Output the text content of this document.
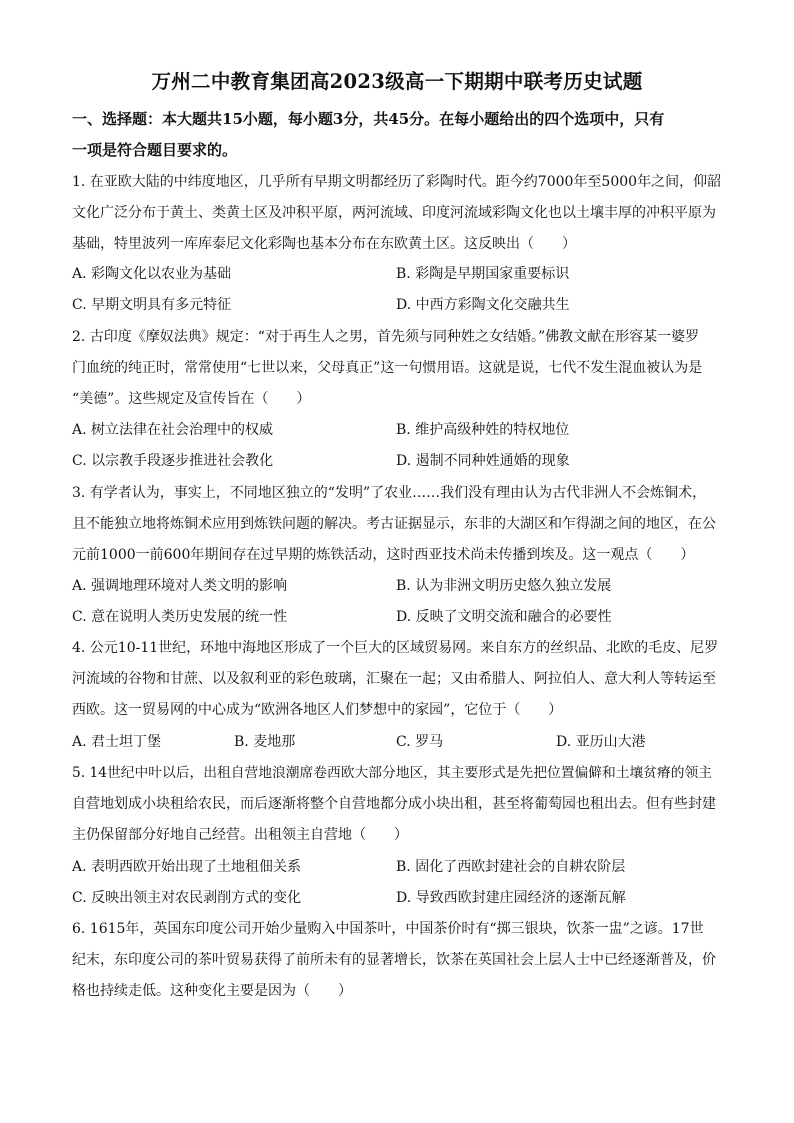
万州二中教育集团高2023级高一下期期中联考历史试题
一、选择题：本大题共15小题，每小题3分，共45分。在每小题给出的四个选项中，只有
一项是符合题目要求的。
1. 在亚欧大陆的中纬度地区，几乎所有早期文明都经历了彩陶时代。距今约7000年至5000年之间，仰韶
文化广泛分布于黄土、类黄土区及冲积平原，两河流域、印度河流域彩陶文化也以土壤丰厚的冲积平原为
基础，特里波列一库库泰尼文化彩陶也基本分布在东欧黄土区。这反映出（　　）
A. 彩陶文化以农业为基础	B. 彩陶是早期国家重要标识
C. 早期文明具有多元特征	D. 中西方彩陶文化交融共生
2. 古印度《摩奴法典》规定：“对于再生人之男，首先须与同种姓之女结婚。”佛教文献在形容某一婆罗
门血统的纯正时，常常使用“七世以来，父母真正”这一句惯用语。这就是说，七代不发生混血被认为是
“美德”。这些规定及宣传旨在（　　）
A. 树立法律在社会治理中的权威	B. 维护高级种姓的特权地位
C. 以宗教手段逐步推进社会教化	D. 遏制不同种姓通婚的现象
3. 有学者认为，事实上，不同地区独立的“发明”了农业……我们没有理由认为古代非洲人不会炼铜术，
且不能独立地将炼铜术应用到炼铁问题的解决。考古证据显示，东非的大湖区和乍得湖之间的地区，在公
元前1000一前600年期间存在过早期的炼铁活动，这时西亚技术尚未传播到埃及。这一观点（　　）
A. 强调地理环境对人类文明的影响	B. 认为非洲文明历史悠久独立发展
C. 意在说明人类历史发展的统一性	D. 反映了文明交流和融合的必要性
4. 公元10-11世纪，环地中海地区形成了一个巨大的区域贸易网。来自东方的丝织品、北欧的毛皮、尼罗
河流域的谷物和甘蔗、以及叙利亚的彩色玻璃，汇聚在一起；又由希腊人、阿拉伯人、意大利人等转运至
西欧。这一贸易网的中心成为“欧洲各地区人们梦想中的家园”，它位于（　　）
A. 君士坦丁堡	B. 麦地那	C. 罗马	D. 亚历山大港
5. 14世纪中叶以后，出租自营地浪潮席卷西欧大部分地区，其主要形式是先把位置偏僻和土壤贫瘠的领主
自营地划成小块租给农民，而后逐渐将整个自营地都分成小块出租，甚至将葡萄园也租出去。但有些封建
主仍保留部分好地自己经营。出租领主自营地（　　）
A. 表明西欧开始出现了土地租佃关系	B. 固化了西欧封建社会的自耕农阶层
C. 反映出领主对农民剥削方式的变化	D. 导致西欧封建庄园经济的逐渐瓦解
6. 1615年，英国东印度公司开始少量购入中国茶叶，中国茶价时有“掷三银块，饮茶一盅”之谚。17世
纪末，东印度公司的茶叶贸易获得了前所未有的显著增长，饮茶在英国社会上层人士中已经逐渐普及，价
格也持续走低。这种变化主要是因为（　　）
